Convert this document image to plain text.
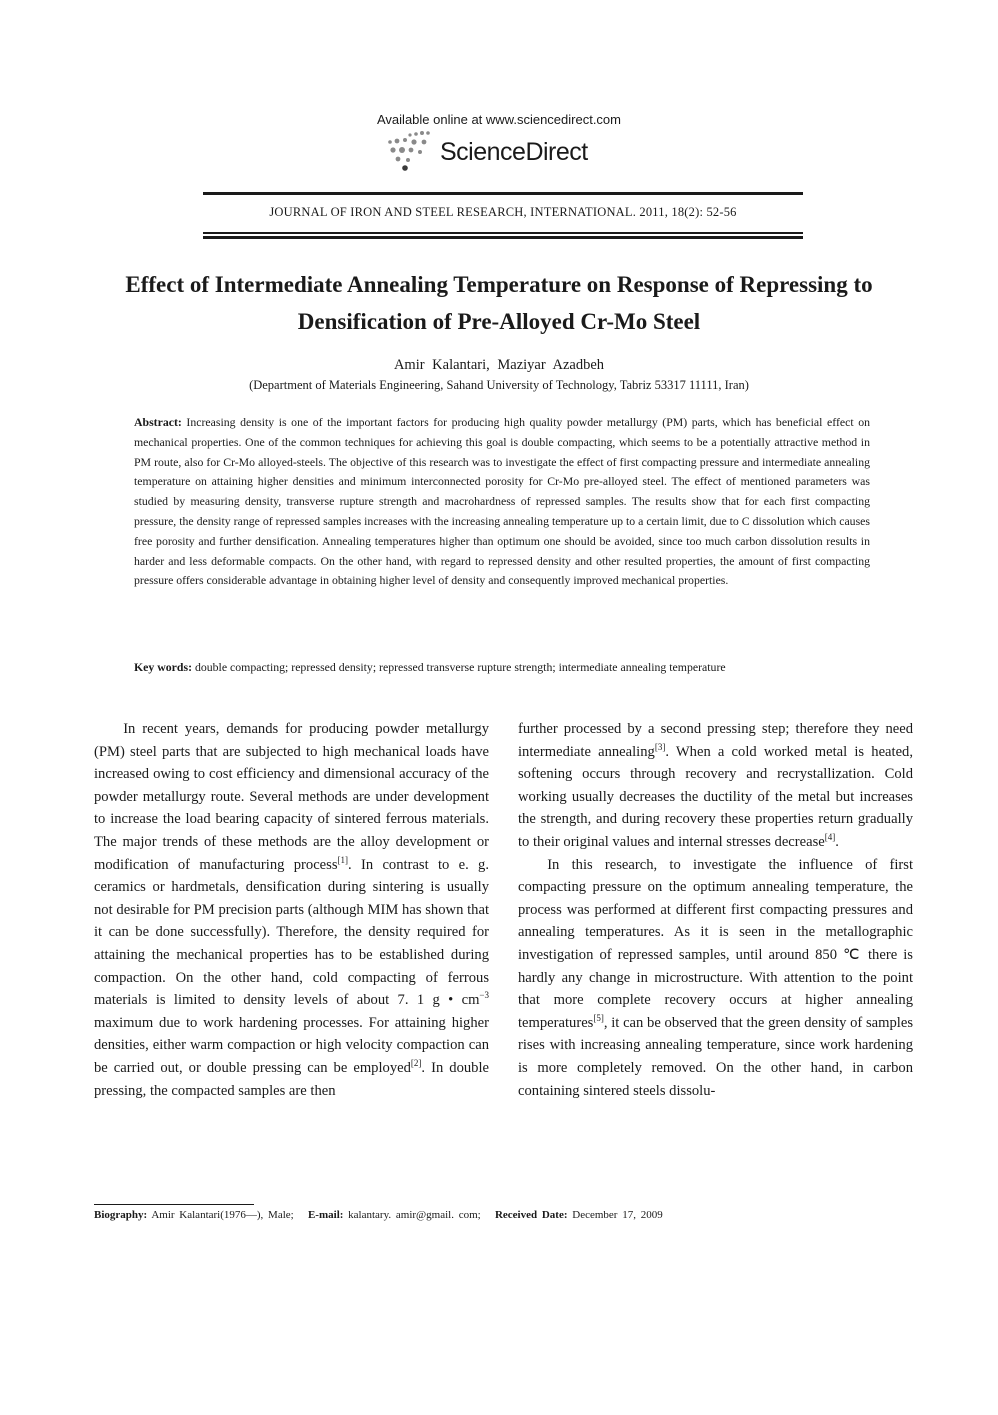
Available online at www.sciencedirect.com
ScienceDirect
JOURNAL OF IRON AND STEEL RESEARCH, INTERNATIONAL. 2011, 18(2): 52-56
Effect of Intermediate Annealing Temperature on Response of Repressing to Densification of Pre-Alloyed Cr-Mo Steel
Amir Kalantari, Maziyar Azadbeh
(Department of Materials Engineering, Sahand University of Technology, Tabriz 53317 11111, Iran)
Abstract: Increasing density is one of the important factors for producing high quality powder metallurgy (PM) parts, which has beneficial effect on mechanical properties. One of the common techniques for achieving this goal is double compacting, which seems to be a potentially attractive method in PM route, also for Cr-Mo alloyed-steels. The objective of this research was to investigate the effect of first compacting pressure and intermediate annealing temperature on attaining higher densities and minimum interconnected porosity for Cr-Mo pre-alloyed steel. The effect of mentioned parameters was studied by measuring density, transverse rupture strength and macrohardness of repressed samples. The results show that for each first compacting pressure, the density range of repressed samples increases with the increasing annealing temperature up to a certain limit, due to C dissolution which causes free porosity and further densification. Annealing temperatures higher than optimum one should be avoided, since too much carbon dissolution results in harder and less deformable compacts. On the other hand, with regard to repressed density and other resulted properties, the amount of first compacting pressure offers considerable advantage in obtaining higher level of density and consequently improved mechanical properties.
Key words: double compacting; repressed density; repressed transverse rupture strength; intermediate annealing temperature

In recent years, demands for producing powder metallurgy (PM) steel parts that are subjected to high mechanical loads have increased owing to cost efficiency and dimensional accuracy of the powder metallurgy route. Several methods are under development to increase the load bearing capacity of sintered ferrous materials. The major trends of these methods are the alloy development or modification of manufacturing process[1]. In contrast to e. g. ceramics or hardmetals, densification during sintering is usually not desirable for PM precision parts (although MIM has shown that it can be done successfully). Therefore, the density required for attaining the mechanical properties has to be established during compaction. On the other hand, cold compacting of ferrous materials is limited to density levels of about 7. 1 g • $cm^{-3}$ maximum due to work hardening processes. For attaining higher densities, either warm compaction or high velocity compaction can be carried out, or double pressing can be employed[2]. In double pressing, the compacted samples are then

further processed by a second pressing step; therefore they need intermediate annealing[3]. When a cold worked metal is heated, softening occurs through recovery and recrystallization. Cold working usually decreases the ductility of the metal but increases the strength, and during recovery these properties return gradually to their original values and internal stresses decrease[4].

In this research, to investigate the influence of first compacting pressure on the optimum annealing temperature, the process was performed at different first compacting pressures and annealing temperatures. As it is seen in the metallographic investigation of repressed samples, until around 850 ℃ there is hardly any change in microstructure. With attention to the point that more complete recovery occurs at higher annealing temperatures[5], it can be observed that the green density of samples rises with increasing annealing temperature, since work hardening is more completely removed. On the other hand, in carbon containing sintered steels dissolu-

Biography: Amir Kalantari(1976—), Male; E-mail: kalantary. amir@gmail. com; Received Date: December 17, 2009
